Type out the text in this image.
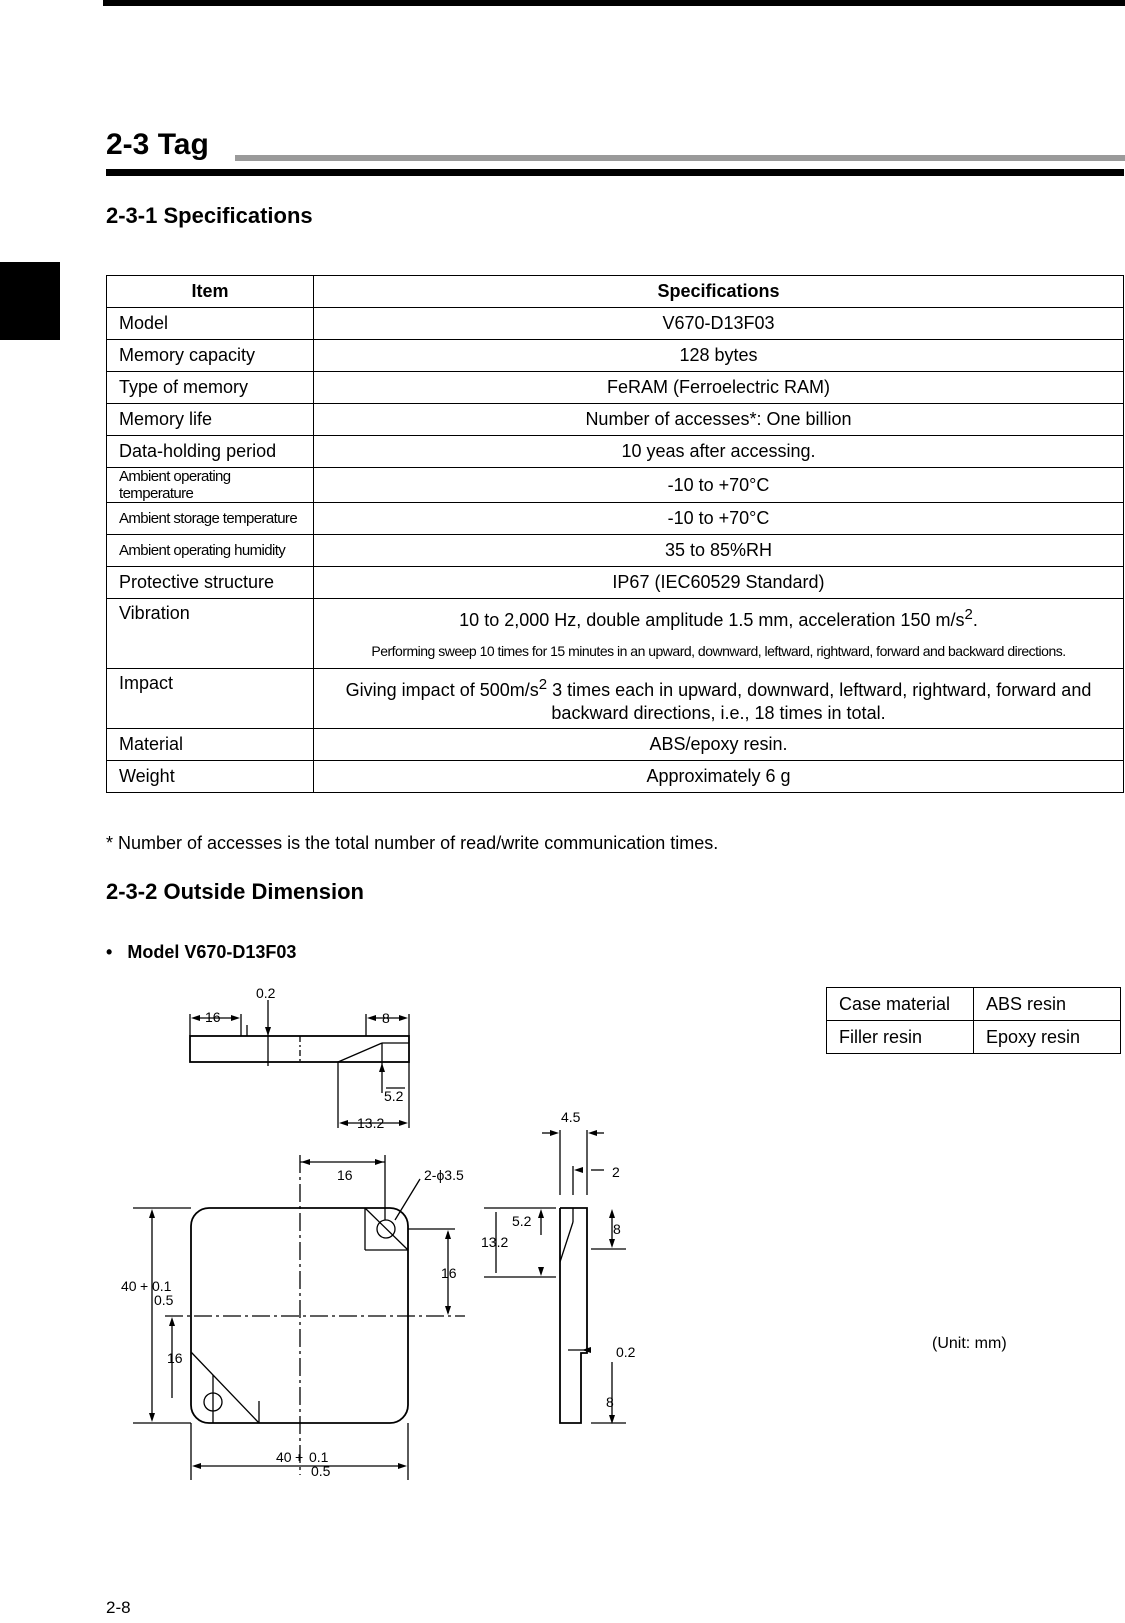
2-3 Tag
2-3-1 Specifications
Item	Specifications
Model	V670-D13F03
Memory capacity	128 bytes
Type of memory	FeRAM (Ferroelectric RAM)
Memory life	Number of accesses*: One billion
Data-holding period	10 yeas after accessing.
Ambient operating temperature	-10 to +70°C
Ambient storage temperature	-10 to +70°C
Ambient operating humidity	35 to 85%RH
Protective structure	IP67 (IEC60529 Standard)
Vibration	10 to 2,000 Hz, double amplitude 1.5 mm, acceleration 150 $m/s^2$.
Performing sweep 10 times for 15 minutes in an upward, downward, leftward, rightward, forward and backward directions.

Impact	Giving impact of $500m/s^2$ 3 times each in upward, downward, leftward, rightward, forward and backward directions, i.e., 18 times in total.
Material	ABS/epoxy resin.
Weight	Approximately 6 g
* Number of accesses is the total number of read/write communication times.
2-3-2 Outside Dimension
• Model V670-D13F03
Case material	ABS resin
Filler resin	Epoxy resin
16
0.2
8
5.2
13.2
16	2-ϕ3.5
16
40 + 0.1
0.5
16
40 + 0.1
0.5
4.5
2
5.2
13.2
8
0.2
8
(Unit: mm)
2-8
